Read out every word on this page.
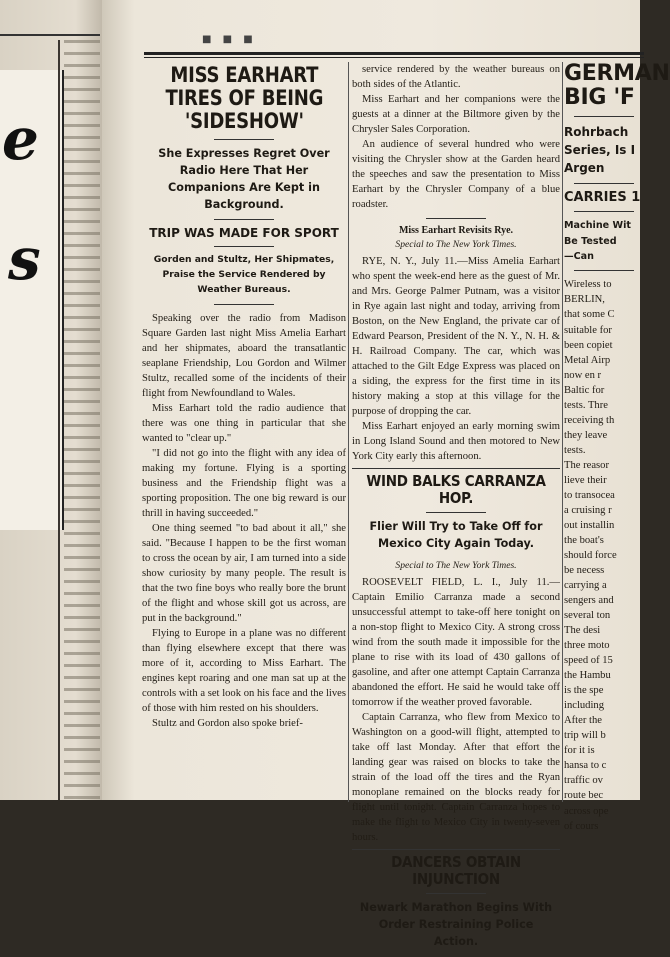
e
s
■ ■ ■
MISS EARHART TIRES OF BEING 'SIDESHOW'
She Expresses Regret Over Radio Here That Her Companions Are Kept in Background.
TRIP WAS MADE FOR SPORT
Gorden and Stultz, Her Shipmates, Praise the Service Rendered by Weather Bureaus.

Speaking over the radio from Madison Square Garden last night Miss Amelia Earhart and her shipmates, aboard the transatlantic seaplane Friendship, Lou Gordon and Wilmer Stultz, recalled some of the incidents of their flight from Newfoundland to Wales.

Miss Earhart told the radio audience that there was one thing in particular that she wanted to "clear up."

"I did not go into the flight with any idea of making my fortune. Flying is a sporting business and the Friendship flight was a sporting proposition. The one big reward is our thrill in having succeeded."

One thing seemed "to bad about it all," she said. "Because I happen to be the first woman to cross the ocean by air, I am turned into a side show curiosity by many people. The result is that the two fine boys who really bore the brunt of the flight and whose skill got us across, are put in the background."

Flying to Europe in a plane was no different than flying elsewhere except that there was more of it, according to Miss Earhart. The engines kept roaring and one man sat up at the controls with a set look on his face and the lives of those with him rested on his shoulders.

Stultz and Gordon also spoke brief-

service rendered by the weather bureaus on both sides of the Atlantic.

Miss Earhart and her companions were the guests at a dinner at the Biltmore given by the Chrysler Sales Corporation.

An audience of several hundred who were visiting the Chrysler show at the Garden heard the speeches and saw the presentation to Miss Earhart by the Chrysler Company of a blue roadster.

Miss Earhart Revisits Rye.
Special to The New York Times.

RYE, N. Y., July 11.—Miss Amelia Earhart who spent the week-end here as the guest of Mr. and Mrs. George Palmer Putnam, was a visitor in Rye again last night and today, arriving from Boston, on the New England, the private car of Edward Pearson, President of the N. Y., N. H. & H. Railroad Company. The car, which was attached to the Gilt Edge Express was placed on a siding, the express for the first time in its history making a stop at this village for the purpose of dropping the car.

Miss Earhart enjoyed an early morning swim in Long Island Sound and then motored to New York City early this afternoon.

WIND BALKS CARRANZA HOP.
Flier Will Try to Take Off for Mexico City Again Today.
Special to The New York Times.

ROOSEVELT FIELD, L. I., July 11.—Captain Emilio Carranza made a second unsuccessful attempt to take-off here tonight on a non-stop flight to Mexico City. A strong cross wind from the south made it impossible for the plane to rise with its load of 430 gallons of gasoline, and after one attempt Captain Carranza abandoned the effort. He said he would take off tomorrow if the weather proved favorable.

Captain Carranza, who flew from Mexico to Washington on a good-will flight, attempted to take off last Monday. After that effort the landing gear was raised on blocks to take the strain of the load off the tires and the Ryan monoplane remained on the blocks ready for flight until tonight. Captain Carranza hopes to make the flight to Mexico City in twenty-seven hours.

DANCERS OBTAIN INJUNCTION
Newark Marathon Begins With Order Restraining Police Action.
GERMAN
BIG 'F
Rohrbach
Series, Is I
Argen
CARRIES 1
Machine Wit
Be Tested
—Can
Wireless to
BERLIN,
that some C
suitable for
been copiet
Metal Airp
now en r
Baltic for
tests. Thre
receiving th
they leave
tests.
The reasor
lieve their
to transocea
a cruising r
out installin
the boat's
should force
be necess
carrying a
sengers and
several ton
The desi
three moto
speed of 15
the Hambu
is the spe
including
After the
trip will b
for it is
hansa to c
traffic ov
route bec
across ope
of cours
